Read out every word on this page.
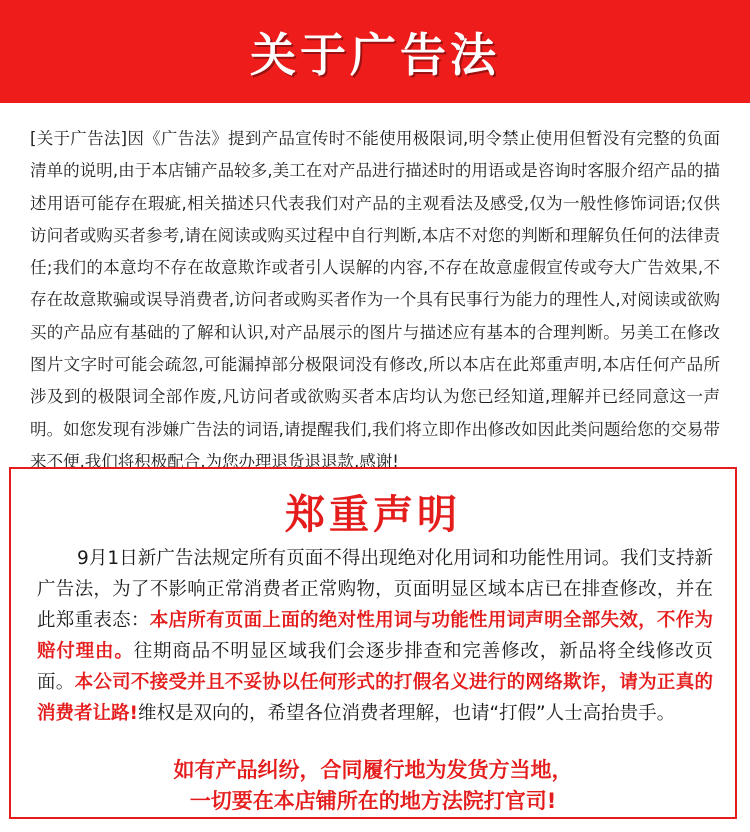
关于广告法

[关于广告法]因《广告法》提到产品宣传时不能使用极限词,明令禁止使用但暂没有完整的负面清单的说明,由于本店铺产品较多,美工在对产品进行描述时的用语或是咨询时客服介绍产品的描述用语可能存在瑕疵,相关描述只代表我们对产品的主观看法及感受,仅为一般性修饰词语;仅供访问者或购买者参考,请在阅读或购买过程中自行判断,本店不对您的判断和理解负任何的法律责任;我们的本意均不存在故意欺诈或者引人误解的内容,不存在故意虚假宣传或夸大广告效果,不存在故意欺骗或误导消费者,访问者或购买者作为一个具有民事行为能力的理性人,对阅读或欲购买的产品应有基础的了解和认识,对产品展示的图片与描述应有基本的合理判断。另美工在修改图片文字时可能会疏忽,可能漏掉部分极限词没有修改,所以本店在此郑重声明,本店任何产品所涉及到的极限词全部作废,凡访问者或欲购买者本店均认为您已经知道,理解并已经同意这一声明。如您发现有涉嫌广告法的词语,请提醒我们,我们将立即作出修改如因此类问题给您的交易带来不便,我们将积极配合,为您办理退货退退款,感谢!

郑重声明
9月1日新广告法规定所有页面不得出现绝对化用词和功能性用词。我们支持新广告法，为了不影响正常消费者正常购物，页面明显区域本店已在排查修改，并在此郑重表态：本店所有页面上面的绝对性用词与功能性用词声明全部失效，不作为赔付理由。往期商品不明显区域我们会逐步排查和完善修改，新品将全线修改页面。本公司不接受并且不妥协以任何形式的打假名义进行的网络欺诈，请为正真的消费者让路!维权是双向的，希望各位消费者理解，也请“打假”人士高抬贵手。
如有产品纠纷，合同履行地为发货方当地，
一切要在本店铺所在的地方法院打官司!
